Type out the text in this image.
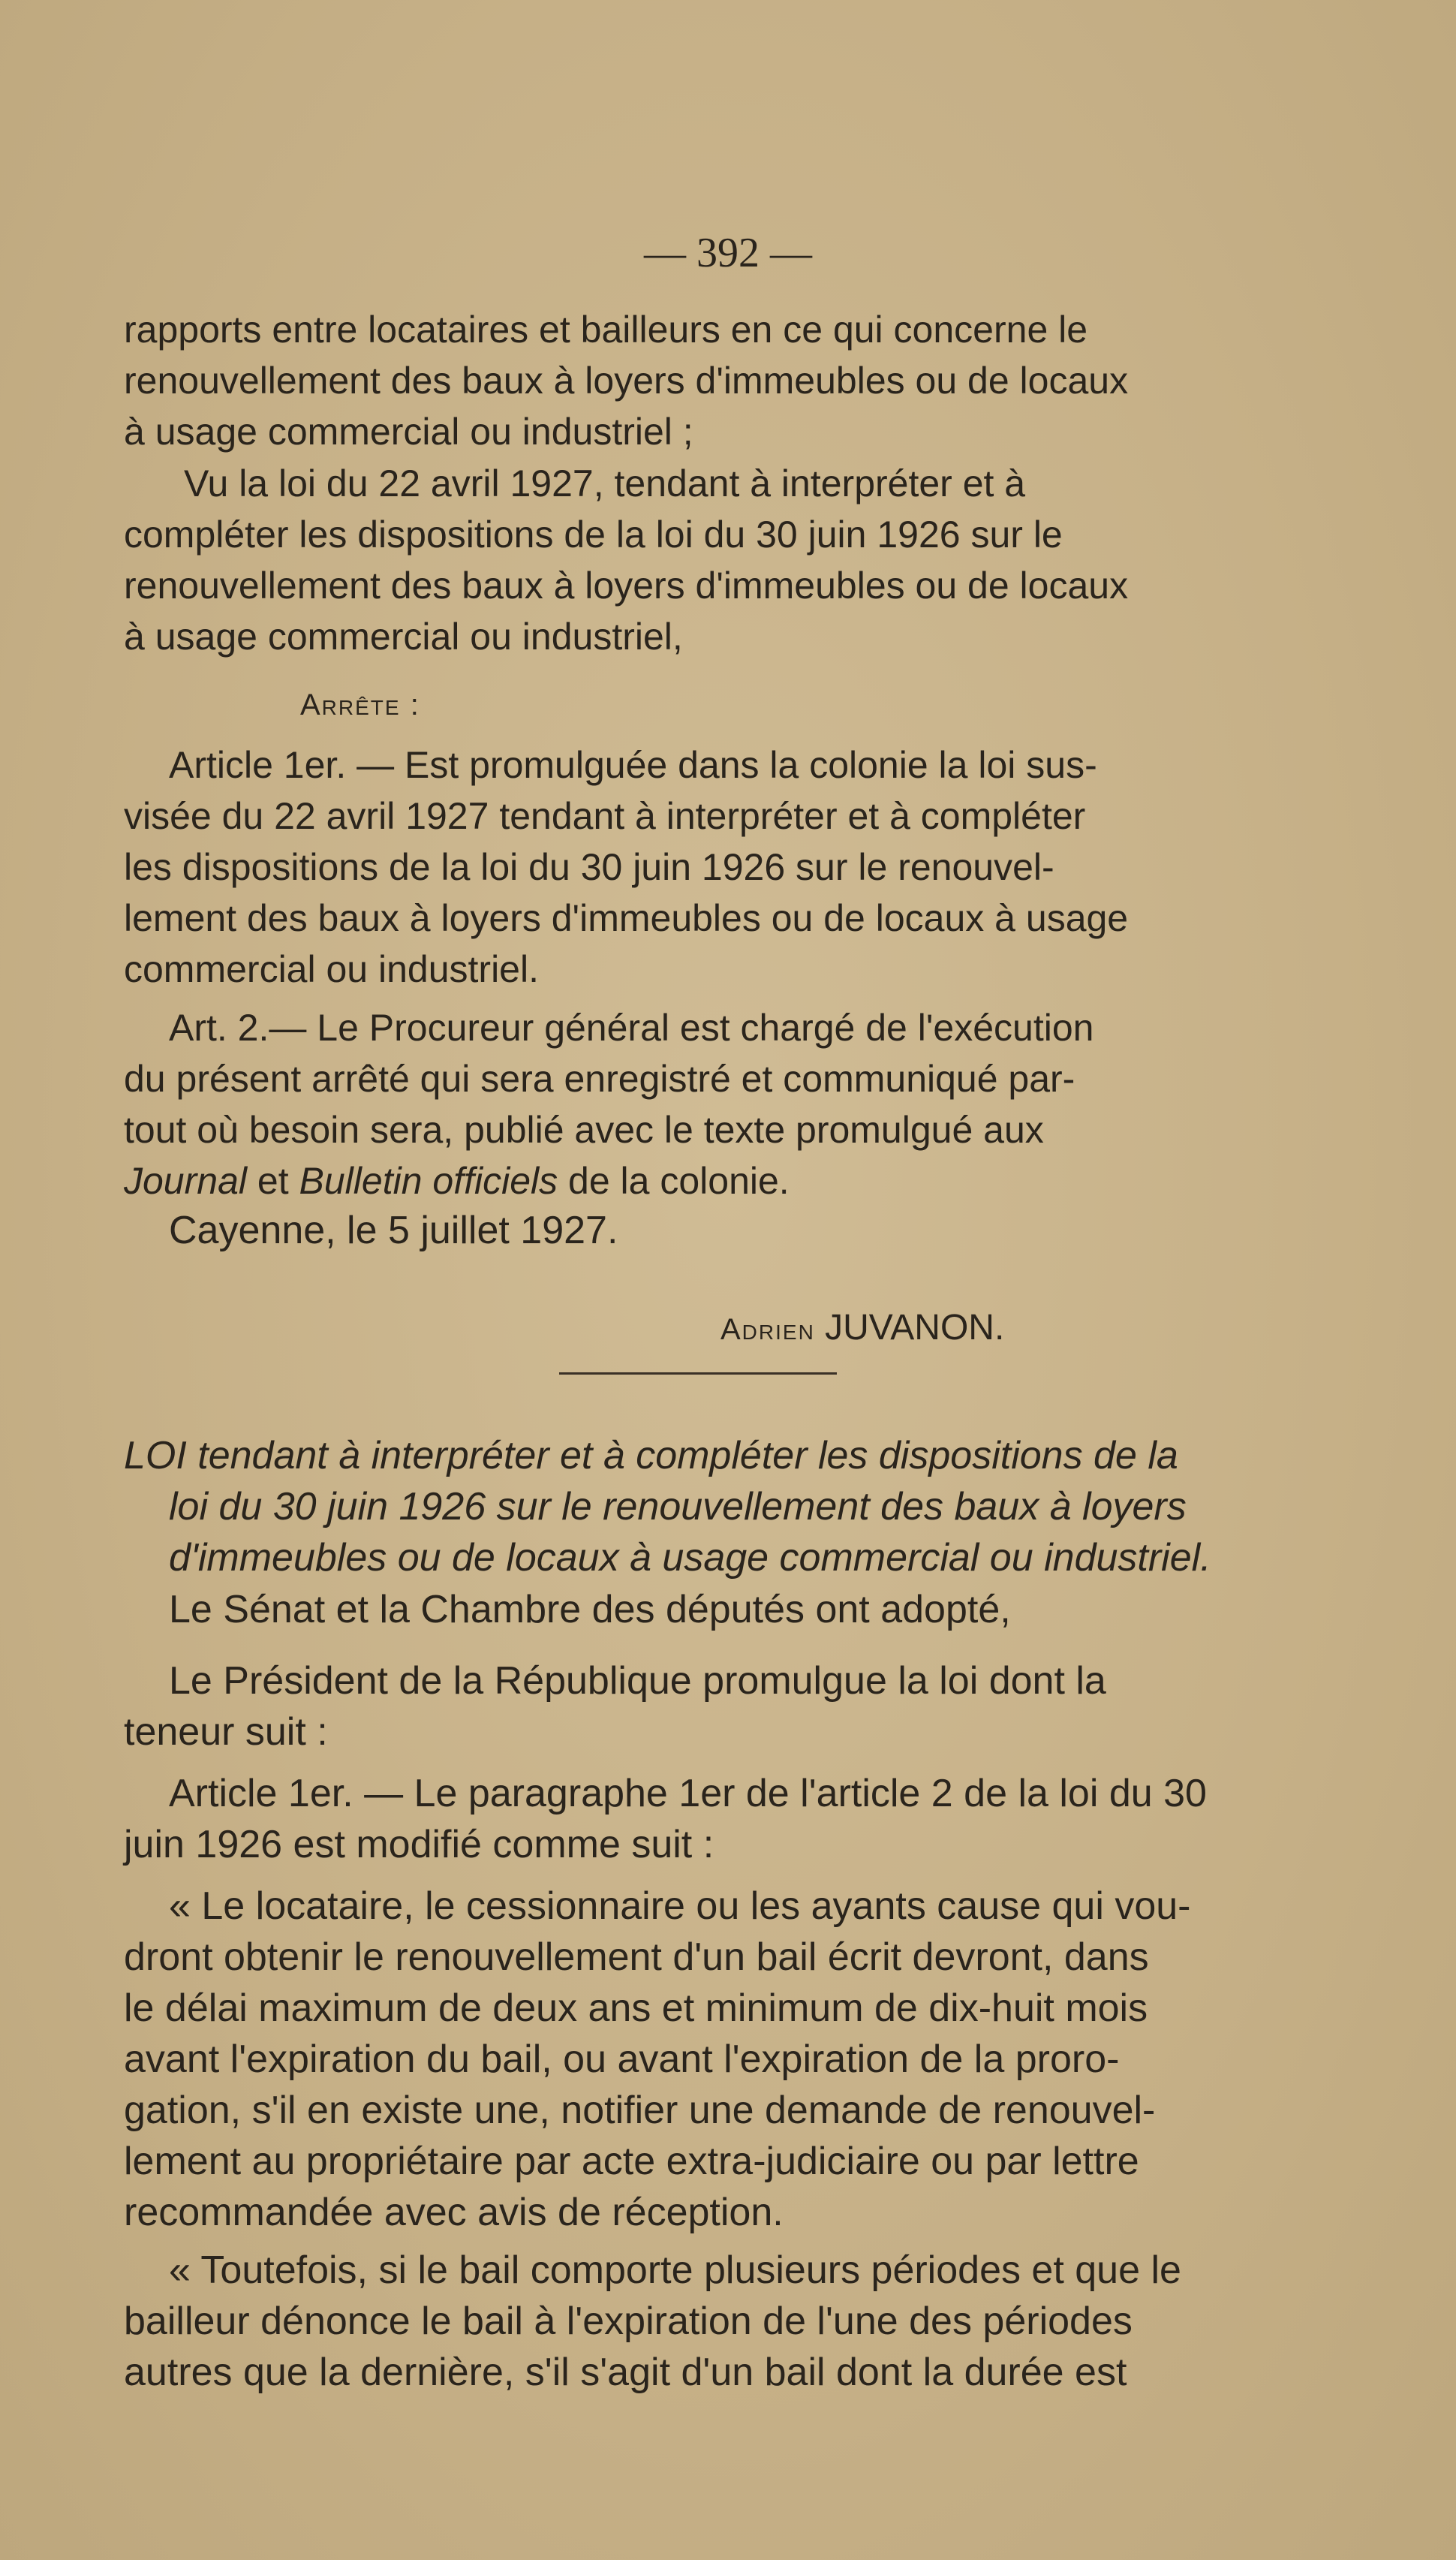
— 392 —

rapports entre locataires et bailleurs en ce qui concerne le

renouvellement des baux à loyers d'immeubles ou de locaux

à usage commercial ou industriel ;

Vu la loi du 22 avril 1927, tendant à interpréter et à

compléter les dispositions de la loi du 30 juin 1926 sur le

renouvellement des baux à loyers d'immeubles ou de locaux

à usage commercial ou industriel,

Arrête :

Article 1er. — Est promulguée dans la colonie la loi sus-

visée du 22 avril 1927 tendant à interpréter et à compléter

les dispositions de la loi du 30 juin 1926 sur le renouvel-

lement des baux à loyers d'immeubles ou de locaux à usage

commercial ou industriel.

Art. 2.— Le Procureur général est chargé de l'exécution

du présent arrêté qui sera enregistré et communiqué par-

tout où besoin sera, publié avec le texte promulgué aux

Journal et Bulletin officiels de la colonie.

Cayenne, le 5 juillet 1927.

Adrien JUVANON.

LOI tendant à interpréter et à compléter les dispositions de la

loi du 30 juin 1926 sur le renouvellement des baux à loyers

d'immeubles ou de locaux à usage commercial ou industriel.

Le Sénat et la Chambre des députés ont adopté,

Le Président de la République promulgue la loi dont la

teneur suit :

Article 1er. — Le paragraphe 1er de l'article 2 de la loi du 30

juin 1926 est modifié comme suit :

« Le locataire, le cessionnaire ou les ayants cause qui vou-

dront obtenir le renouvellement d'un bail écrit devront, dans

le délai maximum de deux ans et minimum de dix-huit mois

avant l'expiration du bail, ou avant l'expiration de la proro-

gation, s'il en existe une, notifier une demande de renouvel-

lement au propriétaire par acte extra-judiciaire ou par lettre

recommandée avec avis de réception.

« Toutefois, si le bail comporte plusieurs périodes et que le

bailleur dénonce le bail à l'expiration de l'une des périodes

autres que la dernière, s'il s'agit d'un bail dont la durée est
